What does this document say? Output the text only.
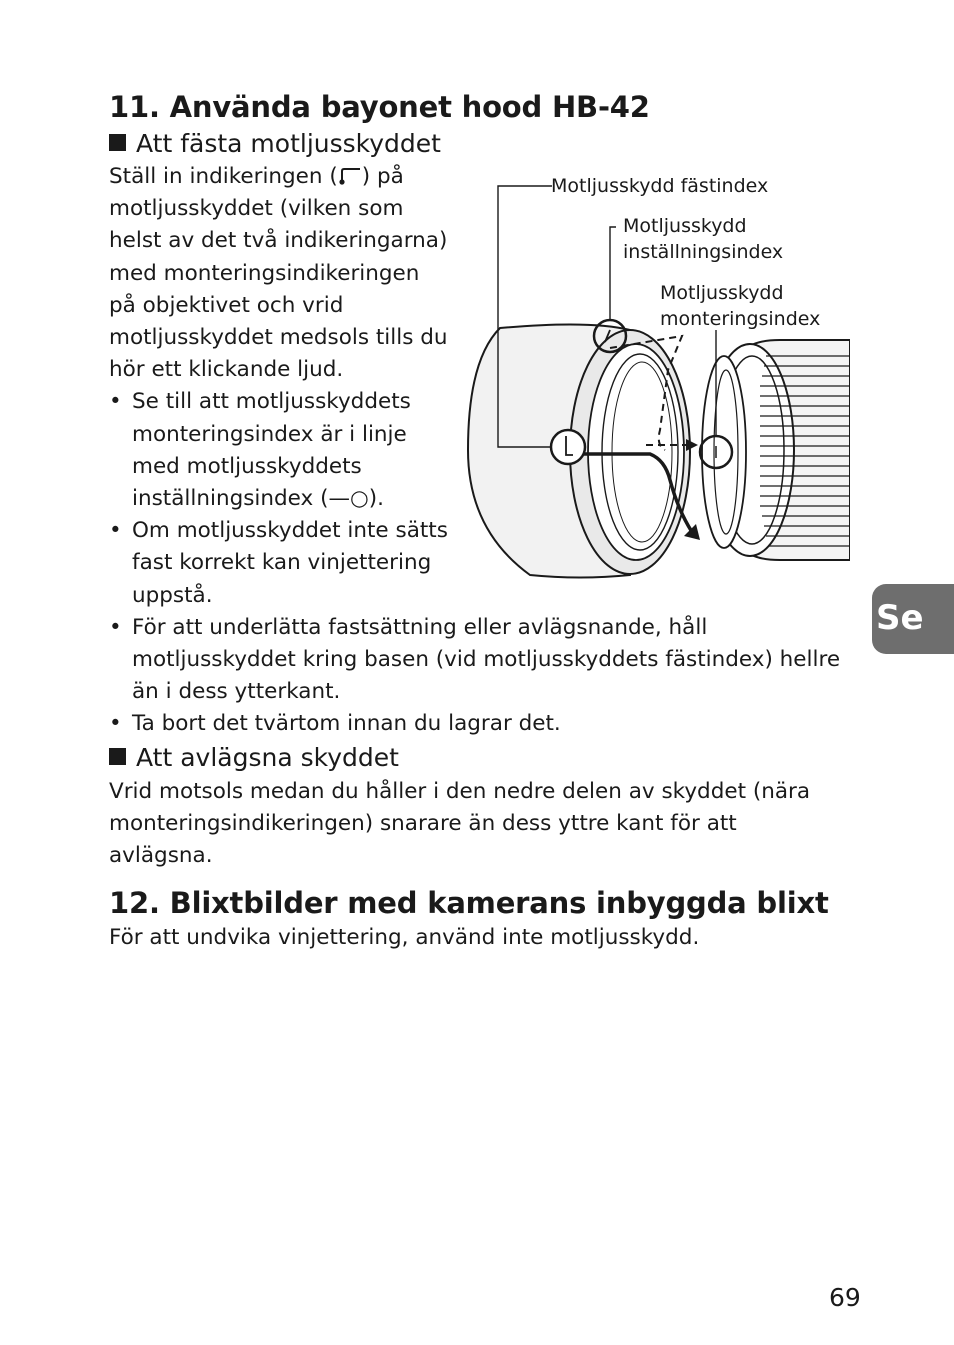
11. Använda bayonet hood HB-42
Att fästa motljusskyddet
Ställ in indikeringen ( ) på
motljusskyddet (vilken som
helst av det två indikeringarna)
med monteringsindikeringen
på objektivet och vrid
motljusskyddet medsols tills du
hör ett klickande ljud.
• Se till att motljusskyddets
monteringsindex är i linje
med motljusskyddets
inställningsindex (—○).
• Om motljusskyddet inte sätts
fast korrekt kan vinjettering
uppstå.
• För att underlätta fastsättning eller avlägsnande, håll
motljusskyddet kring basen (vid motljusskyddets fästindex) hellre
än i dess ytterkant.
• Ta bort det tvärtom innan du lagrar det.
Att avlägsna skyddet
Vrid motsols medan du håller i den nedre delen av skyddet (nära
monteringsindikeringen) snarare än dess yttre kant för att
avlägsna.
12. Blixtbilder med kamerans inbyggda blixt
För att undvika vinjettering, använd inte motljusskydd.
Motljusskydd fästindex
Motljusskydd
inställningsindex
Motljusskydd
monteringsindex
Se
69
